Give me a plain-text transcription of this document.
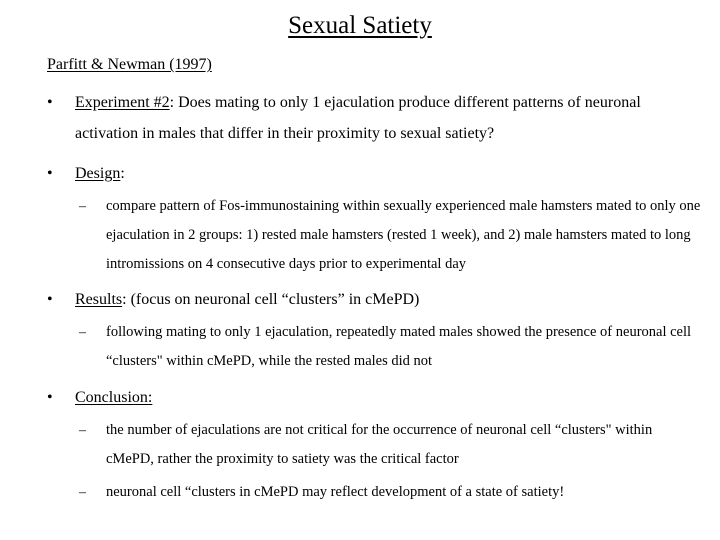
Sexual Satiety
Parfitt & Newman (1997)
•	Experiment #2: Does mating to only 1 ejaculation produce different patterns of neuronal activation in males that differ in their proximity to sexual satiety?
•	Design:
– compare pattern of Fos-immunostaining within sexually experienced male hamsters mated to only one ejaculation in 2 groups: 1) rested male hamsters (rested 1 week), and 2) male hamsters mated to long intromissions on 4 consecutive days prior to experimental day
•	Results: (focus on neuronal cell “clusters” in cMePD)
– following mating to only 1 ejaculation, repeatedly mated males showed the presence of neuronal cell “clusters" within cMePD, while the rested males did not
•	Conclusion:
– the number of ejaculations are not critical for the occurrence of neuronal cell “clusters" within cMePD, rather the proximity to satiety was the critical factor
– neuronal cell “clusters in cMePD may reflect development of a state of satiety!
